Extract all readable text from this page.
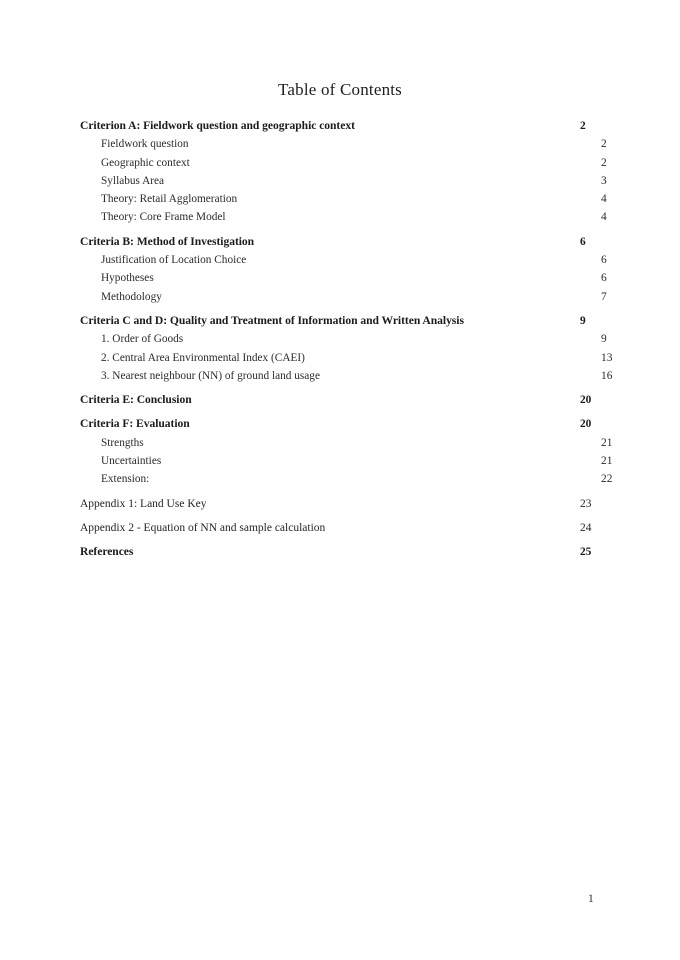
Table of Contents
Criterion A: Fieldwork question and geographic context	2
Fieldwork question	2
Geographic context	2
Syllabus Area	3
Theory: Retail Agglomeration	4
Theory: Core Frame Model	4
Criteria B: Method of Investigation	6
Justification of Location Choice	6
Hypotheses	6
Methodology	7
Criteria C and D: Quality and Treatment of Information and Written Analysis	9
1. Order of Goods	9
2. Central Area Environmental Index (CAEI)	13
3. Nearest neighbour (NN) of ground land usage	16
Criteria E: Conclusion	20
Criteria F: Evaluation	20
Strengths	21
Uncertainties	21
Extension:	22
Appendix 1: Land Use Key	23
Appendix 2 - Equation of NN and sample calculation	24
References	25
1
